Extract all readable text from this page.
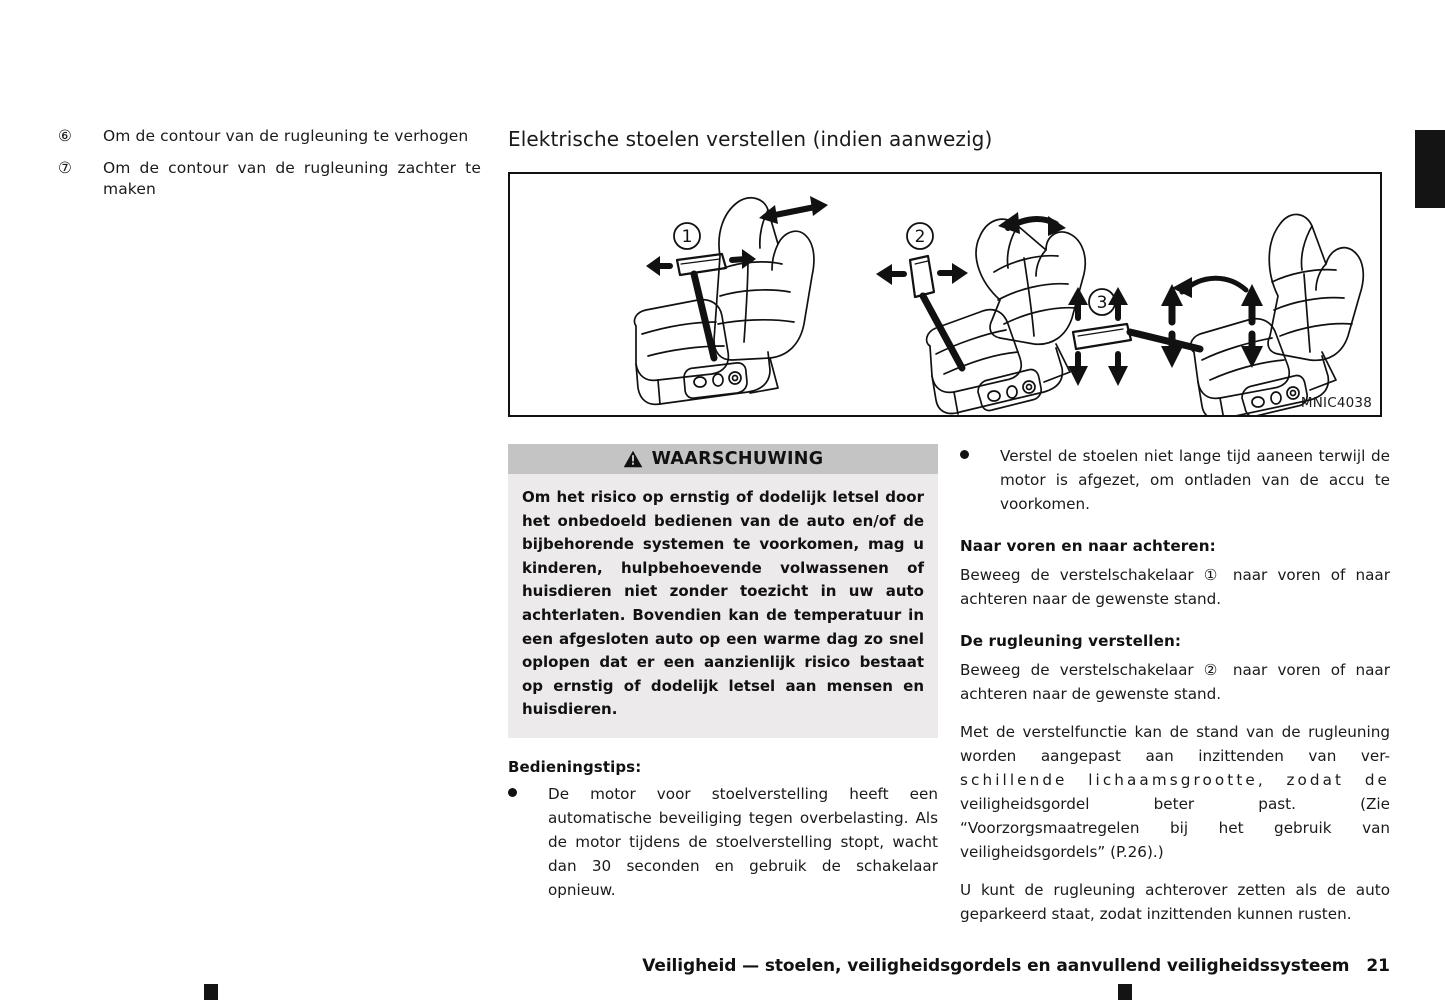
⑥	Om de contour van de rugleuning te verhogen
⑦	Om de contour van de rugleuning zachter te maken
Elektrische stoelen verstellen (indien aanwezig)
1	2
3
MNIC4038
WAARSCHUWING

Om het risico op ernstig of dodelijk letsel door het onbedoeld bedienen van de auto en/of de bijbehorende systemen te voorkomen, mag u kinderen, hulpbehoevende volwassenen of huisdieren niet zonder toezicht in uw auto achterlaten. Bovendien kan de temperatuur in een afgesloten auto op een warme dag zo snel oplopen dat er een aanzienlijk risico bestaat op ernstig of dodelijk letsel aan mensen en huisdieren.

Bedieningstips:
De motor voor stoelverstelling heeft een automatische beveiliging tegen overbelasting. Als de motor tijdens de stoelverstelling stopt, wacht dan 30 seconden en gebruik de schakelaar opnieuw.
Verstel de stoelen niet lange tijd aaneen terwijl de motor is afgezet, om ontladen van de accu te voorkomen.
Naar voren en naar achteren:

Beweeg de verstelschakelaar ① naar voren of naar achteren naar de gewenste stand.

De rugleuning verstellen:

Beweeg de verstelschakelaar ② naar voren of naar achteren naar de gewenste stand.

Met de verstelfunctie kan de stand van de rugleuning worden aangepast aan inzittenden van ver-schillende lichaamsgrootte, zodat de veiligheidsgordel beter past. (Zie “Voorzorgsmaatregelen bij het gebruik van veiligheidsgordels” (P.26).)

U kunt de rugleuning achterover zetten als de auto geparkeerd staat, zodat inzittenden kunnen rusten.

Veiligheid — stoelen, veiligheidsgordels en aanvullend veiligheidssysteem 21
